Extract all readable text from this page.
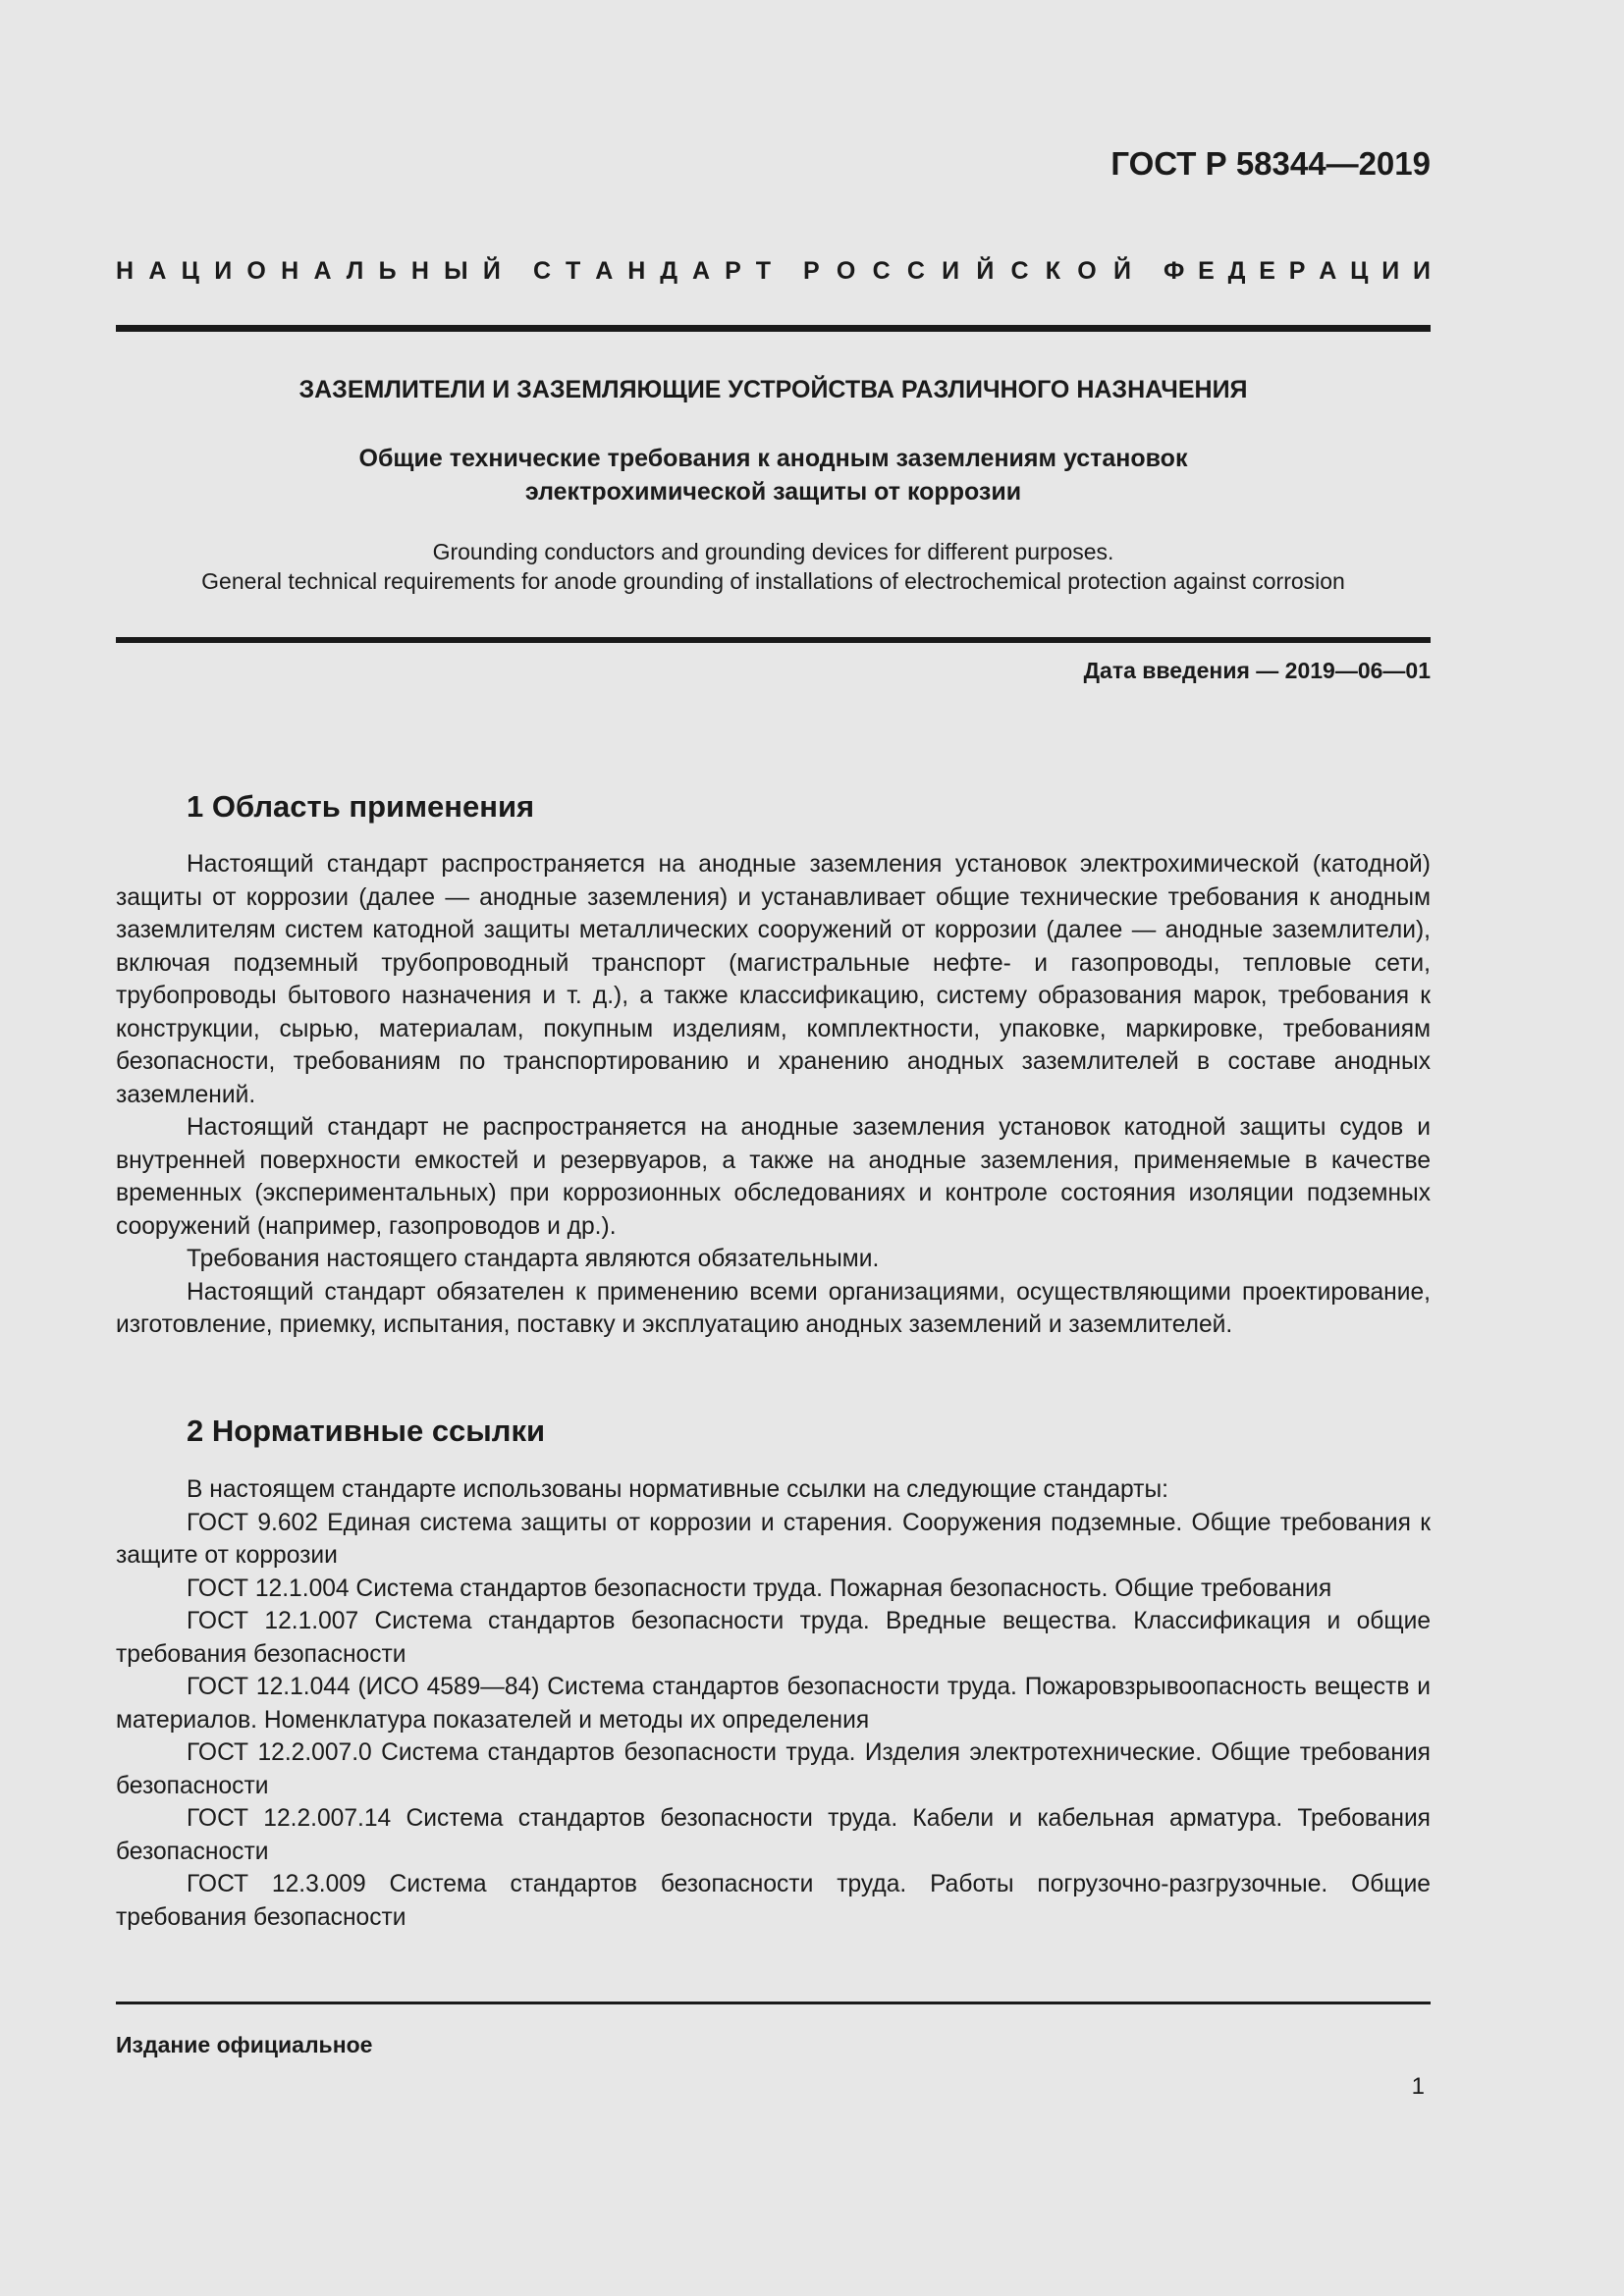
ГОСТ Р 58344—2019

Н А Ц И О Н А Л Ь Н Ы Й С Т А Н Д А Р Т Р О С С И Й С К О Й Ф Е Д Е Р А Ц И И

ЗАЗЕМЛИТЕЛИ И ЗАЗЕМЛЯЮЩИЕ УСТРОЙСТВА РАЗЛИЧНОГО НАЗНАЧЕНИЯ

Общие технические требования к анодным заземлениям установок
электрохимической защиты от коррозии

Grounding conductors and grounding devices for different purposes.
General technical requirements for anode grounding of installations of electrochemical protection against corrosion

Дата введения — 2019—06—01

1 Область применения

Настоящий стандарт распространяется на анодные заземления установок электрохимической (катодной) защиты от коррозии (далее — анодные заземления) и устанавливает общие технические требования к анодным заземлителям систем катодной защиты металлических сооружений от коррозии (далее — анодные заземлители), включая подземный трубопроводный транспорт (магистральные нефте- и газопроводы, тепловые сети, трубопроводы бытового назначения и т. д.), а также классификацию, систему образования марок, требования к конструкции, сырью, материалам, покупным изделиям, комплектности, упаковке, маркировке, требованиям безопасности, требованиям по транспортированию и хранению анодных заземлителей в составе анодных заземлений.

Настоящий стандарт не распространяется на анодные заземления установок катодной защиты судов и внутренней поверхности емкостей и резервуаров, а также на анодные заземления, применяемые в качестве временных (экспериментальных) при коррозионных обследованиях и контроле состояния изоляции подземных сооружений (например, газопроводов и др.).

Требования настоящего стандарта являются обязательными.

Настоящий стандарт обязателен к применению всеми организациями, осуществляющими проектирование, изготовление, приемку, испытания, поставку и эксплуатацию анодных заземлений и заземлителей.

2 Нормативные ссылки

В настоящем стандарте использованы нормативные ссылки на следующие стандарты:

ГОСТ 9.602 Единая система защиты от коррозии и старения. Сооружения подземные. Общие требования к защите от коррозии

ГОСТ 12.1.004 Система стандартов безопасности труда. Пожарная безопасность. Общие требования

ГОСТ 12.1.007 Система стандартов безопасности труда. Вредные вещества. Классификация и общие требования безопасности

ГОСТ 12.1.044 (ИСО 4589—84) Система стандартов безопасности труда. Пожаровзрывоопасность веществ и материалов. Номенклатура показателей и методы их определения

ГОСТ 12.2.007.0 Система стандартов безопасности труда. Изделия электротехнические. Общие требования безопасности

ГОСТ 12.2.007.14 Система стандартов безопасности труда. Кабели и кабельная арматура. Требования безопасности

ГОСТ 12.3.009 Система стандартов безопасности труда. Работы погрузочно-разгрузочные. Общие требования безопасности

Издание официальное

1
